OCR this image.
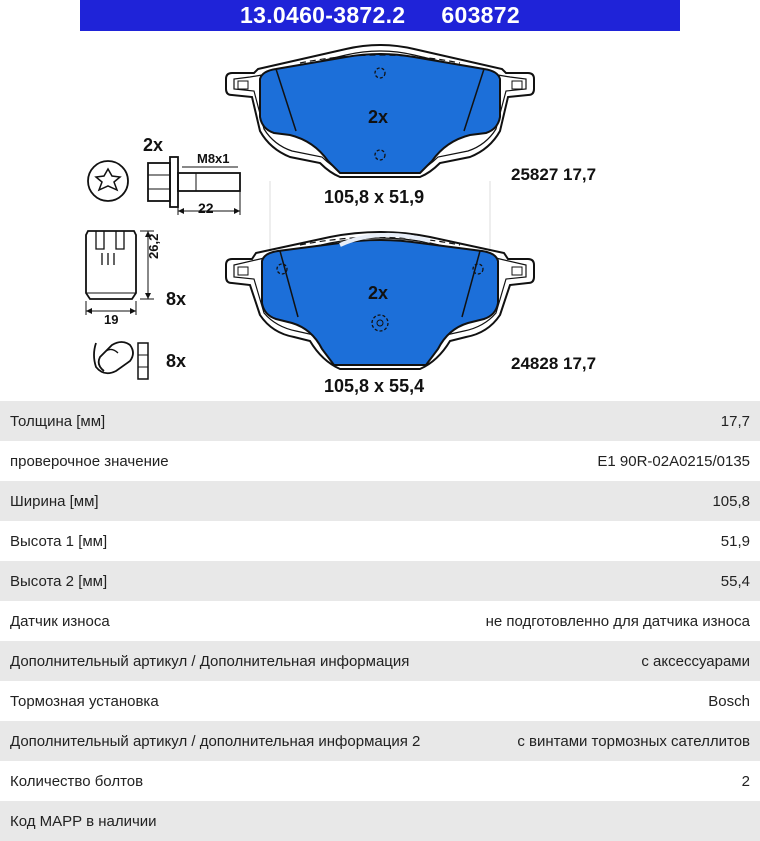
13.0460-3872.2 603872
2x
105,8 x 51,9
25827 17,7
2x
105,8 x 55,4
24828 17,7
2x
M8x1
22
26,2
19
8x
8x
Толщина [мм]	17,7
проверочное значение	E1 90R-02A0215/0135
Ширина [мм]	105,8
Высота 1 [мм]	51,9
Высота 2 [мм]	55,4
Датчик износа	не подготовленно для датчика износа
Дополнительный артикул / Дополнительная информация	с аксессуарами
Тормозная установка	Bosch
Дополнительный артикул / дополнительная информация 2	с винтами тормозных сателлитов
Количество болтов	2
Код MAPP в наличии
